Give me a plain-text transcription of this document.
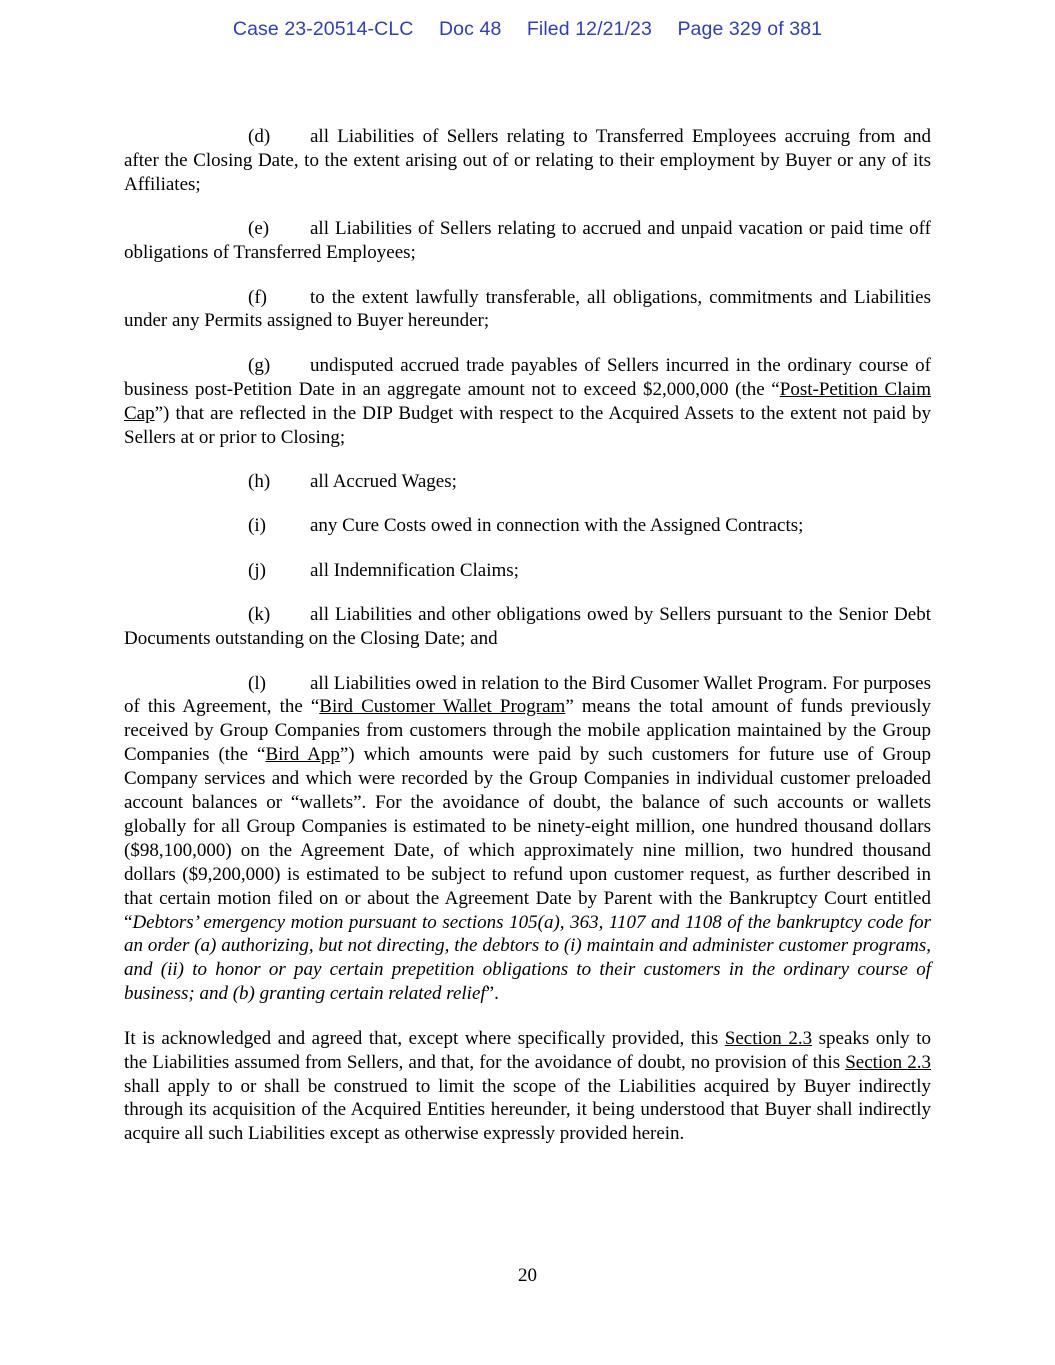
Case 23-20514-CLC Doc 48 Filed 12/21/23 Page 329 of 381

(d) all Liabilities of Sellers relating to Transferred Employees accruing from and after the Closing Date, to the extent arising out of or relating to their employment by Buyer or any of its Affiliates;

(e) all Liabilities of Sellers relating to accrued and unpaid vacation or paid time off obligations of Transferred Employees;

(f) to the extent lawfully transferable, all obligations, commitments and Liabilities under any Permits assigned to Buyer hereunder;

(g) undisputed accrued trade payables of Sellers incurred in the ordinary course of business post-Petition Date in an aggregate amount not to exceed $2,000,000 (the “Post-Petition Claim Cap”) that are reflected in the DIP Budget with respect to the Acquired Assets to the extent not paid by Sellers at or prior to Closing;

(h) all Accrued Wages;

(i) any Cure Costs owed in connection with the Assigned Contracts;

(j) all Indemnification Claims;

(k) all Liabilities and other obligations owed by Sellers pursuant to the Senior Debt Documents outstanding on the Closing Date; and

(l) all Liabilities owed in relation to the Bird Cusomer Wallet Program. For purposes of this Agreement, the “Bird Customer Wallet Program” means the total amount of funds previously received by Group Companies from customers through the mobile application maintained by the Group Companies (the “Bird App”) which amounts were paid by such customers for future use of Group Company services and which were recorded by the Group Companies in individual customer preloaded account balances or “wallets”. For the avoidance of doubt, the balance of such accounts or wallets globally for all Group Companies is estimated to be ninety-eight million, one hundred thousand dollars ($98,100,000) on the Agreement Date, of which approximately nine million, two hundred thousand dollars ($9,200,000) is estimated to be subject to refund upon customer request, as further described in that certain motion filed on or about the Agreement Date by Parent with the Bankruptcy Court entitled “Debtors’ emergency motion pursuant to sections 105(a), 363, 1107 and 1108 of the bankruptcy code for an order (a) authorizing, but not directing, the debtors to (i) maintain and administer customer programs, and (ii) to honor or pay certain prepetition obligations to their customers in the ordinary course of business; and (b) granting certain related relief”.

It is acknowledged and agreed that, except where specifically provided, this Section 2.3 speaks only to the Liabilities assumed from Sellers, and that, for the avoidance of doubt, no provision of this Section 2.3 shall apply to or shall be construed to limit the scope of the Liabilities acquired by Buyer indirectly through its acquisition of the Acquired Entities hereunder, it being understood that Buyer shall indirectly acquire all such Liabilities except as otherwise expressly provided herein.

20
